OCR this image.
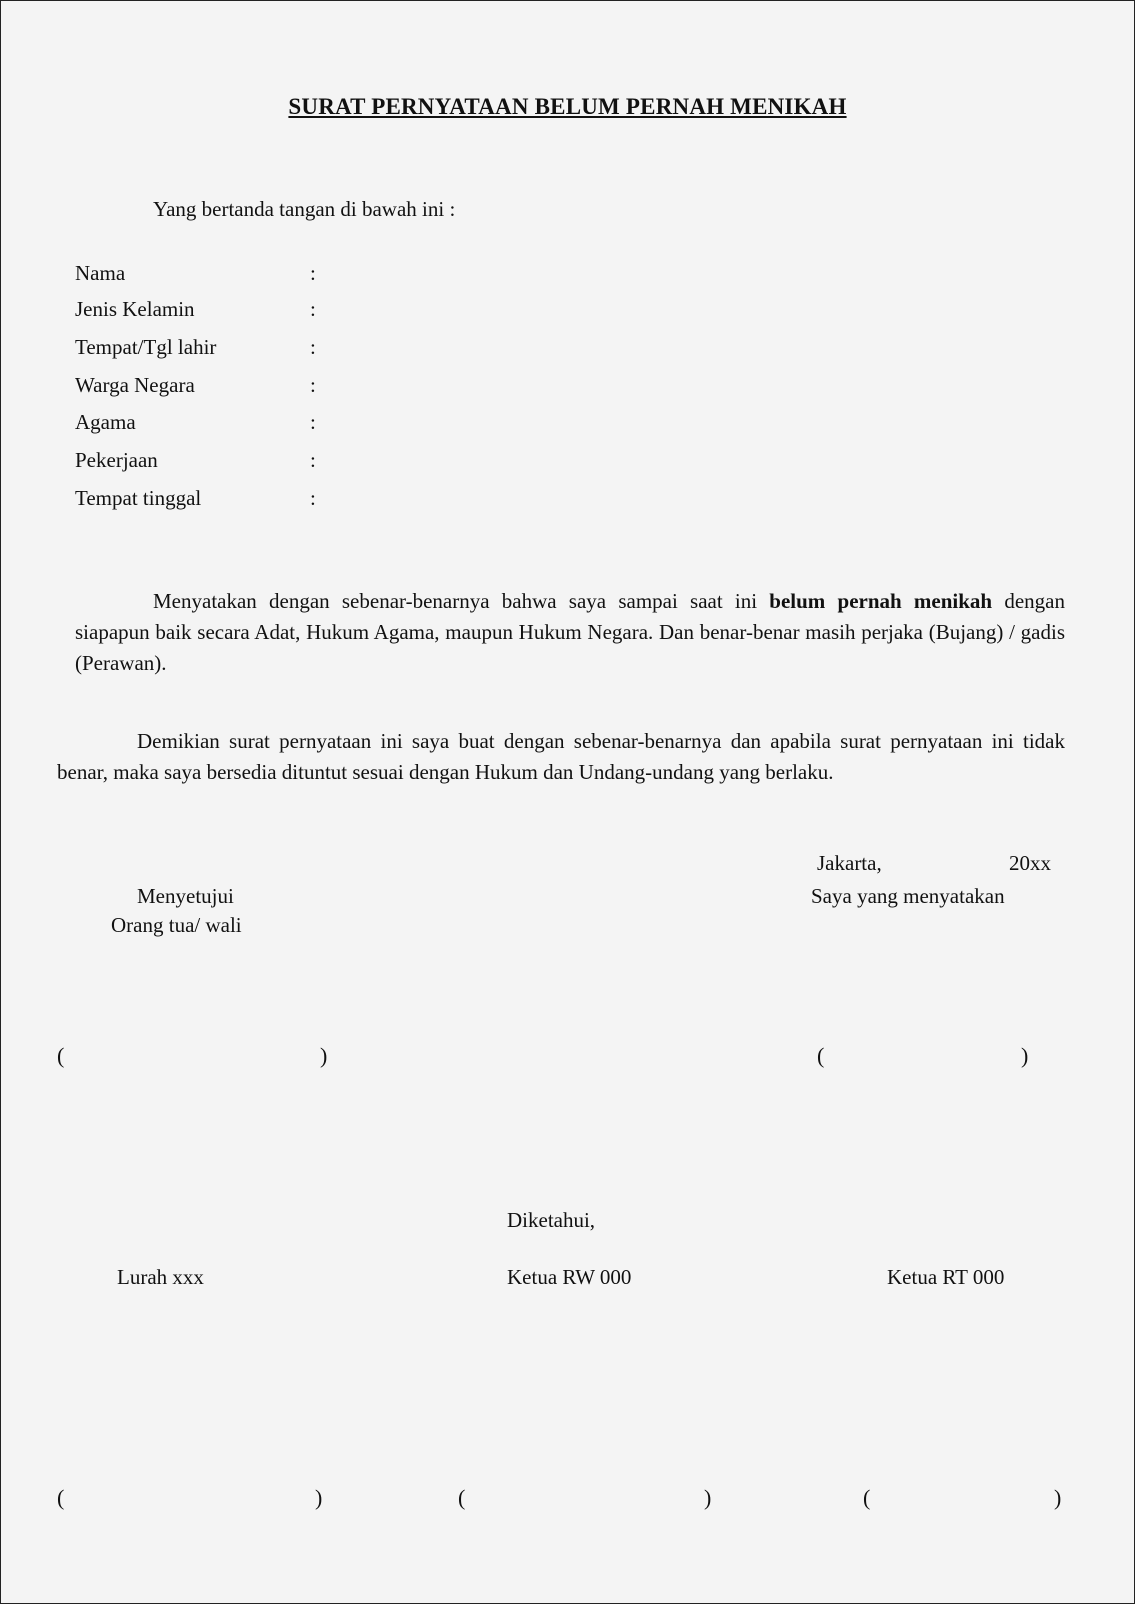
SURAT PERNYATAAN BELUM PERNAH MENIKAH
Yang bertanda tangan di bawah ini :
Nama	:
Jenis Kelamin	:
Tempat/Tgl lahir	:
Warga Negara	:
Agama	:
Pekerjaan	:
Tempat tinggal	:
Menyatakan dengan sebenar-benarnya bahwa saya sampai saat ini belum pernah menikah dengan siapapun baik secara Adat, Hukum Agama, maupun Hukum Negara. Dan benar-benar masih perjaka (Bujang) / gadis (Perawan).
Demikian surat pernyataan ini saya buat dengan sebenar-benarnya dan apabila surat pernyataan ini tidak benar, maka saya bersedia dituntut sesuai dengan Hukum dan Undang-undang yang berlaku.
Jakarta,	20xx
Menyetujui
Orang tua/ wali
Saya yang menyatakan
(	)	(	)
Diketahui,
Lurah xxx	Ketua RW 000	Ketua RT 000
(	)	(	)	(	)
